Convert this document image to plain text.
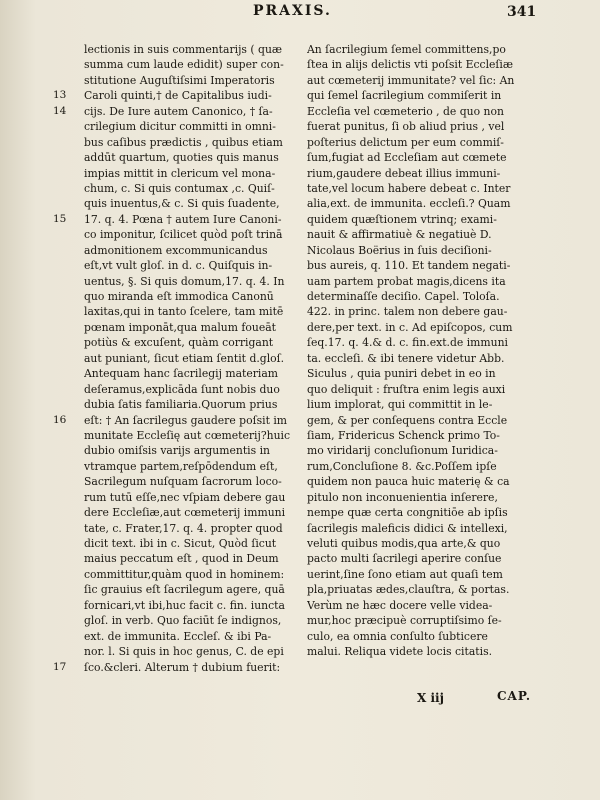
PRAXIS.	341
lectionis in suis commentarijs ( quæ
summa cum laude edidit) super con-
stitutione Auguſtiſsimi Imperatoris
Caroli quinti,† de Capitalibus iudi-
cijs. De Iure autem Canonico, † ſa-
crilegium dicitur committi in omni-
bus caſibus prædictis , quibus etiam
addūt quartum, quoties quis manus
impias mittit in clericum vel mona-
chum, c. Si quis contumax ,c. Quiſ-
quis inuentus,& c. Si quis ſuadente,
17. q. 4. Pœna † autem Iure Canoni-
co imponitur, ſcilicet quòd poſt trinā
admonitionem excommunicandus
eſt,vt vult gloſ. in d. c. Quiſquis in-
uentus, §. Si quis domum,17. q. 4. In
quo miranda eſt immodica Canonū
laxitas,qui in tanto ſcelere, tam mitē
pœnam imponāt,qua malum foueāt
potiùs & excuſent, quàm corrigant
aut puniant, ſicut etiam ſentit d.gloſ.
Antequam hanc ſacrilegij materiam
deſeramus,explicāda ſunt nobis duo
dubia ſatis familiaria.Quorum prius
eſt: † An ſacrilegus gaudere poſsit im
munitate Eccleſię aut cœmeterij?huic
dubio omiſsis varijs argumentis in
vtramque partem,reſpōdendum eſt,
Sacrilegum nuſquam ſacrorum loco-
rum tutū eſſe,nec vſpiam debere gau
dere Eccleſiæ,aut cœmeterij immuni
tate, c. Frater,17. q. 4. propter quod
dicit text. ibi in c. Sicut, Quòd ſicut
maius peccatum eſt , quod in Deum
committitur,quàm quod in hominem:
ſic grauius eſt ſacrilegum agere, quā
fornicari,vt ibi,huc facit c. fin. iuncta
gloſ. in verb. Quo faciūt ſe indignos,
ext. de immunita. Eccleſ. & ibi Pa-
nor. l. Si quis in hoc genus, C. de epi
ſco.&cleri. Alterum † dubium fuerit:
13
14
15
16
17
An ſacrilegium ſemel committens,po
ſtea in alijs delictis vti poſsit Eccleſiæ
aut cœmeterij immunitate? vel ſic: An
qui ſemel ſacrilegium commiſerit in
Eccleſia vel cœmeterio , de quo non
fuerat punitus, ſi ob aliud prius , vel
poſterius delictum per eum commiſ-
ſum,fugiat ad Eccleſiam aut cœmete
rium,gaudere debeat illius immuni-
tate,vel locum habere debeat c. Inter
alia,ext. de immunita. eccleſi.? Quam
quidem quæſtionem vtrinq; exami-
nauit & affirmatiuè & negatiuè D.
Nicolaus Boërius in ſuis deciſioni-
bus aureis, q. 110. Et tandem negati-
uam partem probat magis,dicens ita
determinaſſe deciſio. Capel. Toloſa.
422. in princ. talem non debere gau-
dere,per text. in c. Ad epiſcopos, cum
ſeq.17. q. 4.& d. c. fin.ext.de immuni
ta. eccleſi. & ibi tenere videtur Abb.
Siculus , quia puniri debet in eo in
quo deliquit : fruſtra enim legis auxi
lium implorat, qui committit in le-
gem, & per conſequens contra Eccle
ſiam, Fridericus Schenck primo To-
mo viridarij concluſionum Iuridica-
rum,Concluſione 8. &c.Poſſem ipſe
quidem non pauca huic materię & ca
pitulo non inconuenientia inſerere,
nempe quæ certa congnitiōe ab ipſis
ſacrilegis maleficis didici & intellexi,
veluti quibus modis,qua arte,& quo
pacto multi ſacrilegi aperire conſue
uerint,ſine ſono etiam aut quaſi tem
pla,priuatas ædes,clauſtra, & portas.
Verùm ne hæc docere velle videa-
mur,hoc præcipuè corruptiſsimo ſe-
culo, ea omnia conſulto ſubticere
malui. Reliqua videte locis citatis.
X iij	CAP.
